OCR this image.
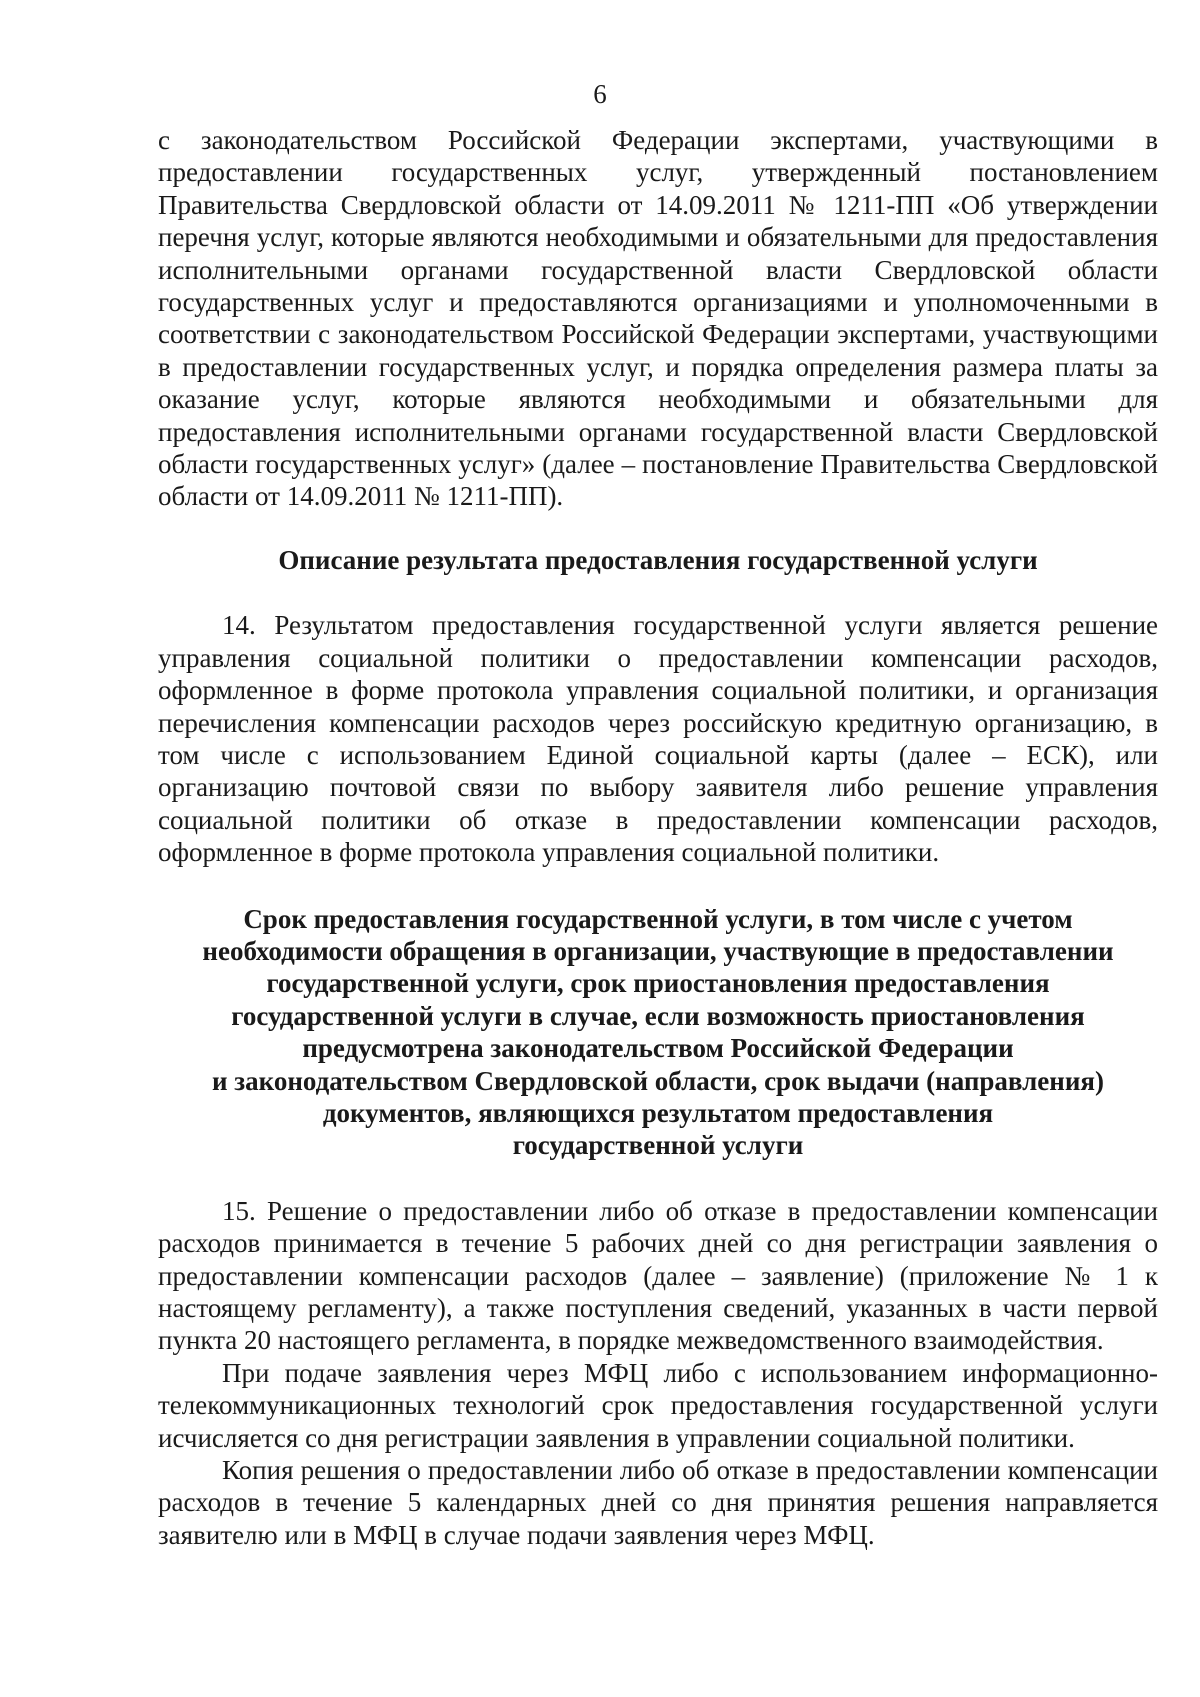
6

с законодательством Российской Федерации экспертами, участвующими в предоставлении государственных услуг, утвержденный постановлением Правительства Свердловской области от 14.09.2011 № 1211-ПП «Об утверждении перечня услуг, которые являются необходимыми и обязательными для предоставления исполнительными органами государственной власти Свердловской области государственных услуг и предоставляются организациями и уполномоченными в соответствии с законодательством Российской Федерации экспертами, участвующими в предоставлении государственных услуг, и порядка определения размера платы за оказание услуг, которые являются необходимыми и обязательными для предоставления исполнительными органами государственной власти Свердловской области государственных услуг» (далее – постановление Правительства Свердловской области от 14.09.2011 № 1211-ПП).

Описание результата предоставления государственной услуги

14. Результатом предоставления государственной услуги является решение управления социальной политики о предоставлении компенсации расходов, оформленное в форме протокола управления социальной политики, и организация перечисления компенсации расходов через российскую кредитную организацию, в том числе с использованием Единой социальной карты (далее – ЕСК), или организацию почтовой связи по выбору заявителя либо решение управления социальной политики об отказе в предоставлении компенсации расходов, оформленное в форме протокола управления социальной политики.

Срок предоставления государственной услуги, в том числе с учетом
необходимости обращения в организации, участвующие в предоставлении
государственной услуги, срок приостановления предоставления
государственной услуги в случае, если возможность приостановления
предусмотрена законодательством Российской Федерации
и законодательством Свердловской области, срок выдачи (направления)
документов, являющихся результатом предоставления
государственной услуги

15. Решение о предоставлении либо об отказе в предоставлении компенсации расходов принимается в течение 5 рабочих дней со дня регистрации заявления о предоставлении компенсации расходов (далее – заявление) (приложение № 1 к настоящему регламенту), а также поступления сведений, указанных в части первой пункта 20 настоящего регламента, в порядке межведомственного взаимодействия.

При подаче заявления через МФЦ либо с использованием информационно-телекоммуникационных технологий срок предоставления государственной услуги исчисляется со дня регистрации заявления в управлении социальной политики.

Копия решения о предоставлении либо об отказе в предоставлении компенсации расходов в течение 5 календарных дней со дня принятия решения направляется заявителю или в МФЦ в случае подачи заявления через МФЦ.
